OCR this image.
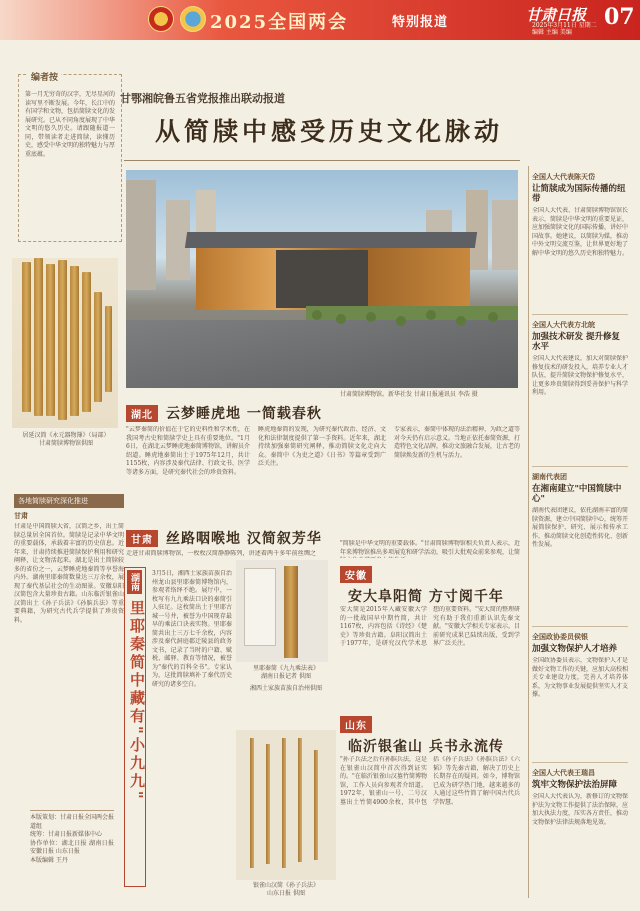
2025全国两会	特别报道	甘肃日报
2025年3月11日 星期二
编辑 主编 美编
07
第一月无穷奇的汉字，无尽星河的读写里不断发展。今年，长江中的有国学和文物，包括简牍文化的发展研究。已从不同角度展现了中华文明的悠久历史。请跟随报道一同，带领读者走进简牍，读懂历史，感受中华文明的独特魅力与厚重底蕴。
编者按
居延汉简《永元器物簿》（局部）
甘肃简牍博物馆供图
各地简牍研究深化推进
甘肃
甘肃是中国简牍大省，汉简之乡，出土简牍总量居全国首位。简牍是记录中华文明的重要载体，承载着丰富的历史信息。近年来，甘肃持续推进简牍保护利用和研究阐释，让文物活起来。湖北是出土简牍较多的省份之一，云梦睡虎地秦简等享誉海内外。湖南里耶秦简数量达三万余枚，展现了秦代基层社会的生动图景。安徽阜阳汉简包含大量珍贵古籍。山东临沂银雀山汉简出土《孙子兵法》《孙膑兵法》等重要典籍，为研究古代兵学提供了珍贵资料。
本版策划：甘肃日报全国两会报道组
统筹：甘肃日报新媒体中心
协作单位：湖北日报 湖南日报 安徽日报 山东日报
本版编辑 王丹
甘鄂湘皖鲁五省党报推出联动报道
从简牍中感受历史文化脉动
甘肃简牍博物馆。新华社发 甘肃日报通讯员 李浩 摄
湖北 云梦睡虎地 一简载春秋
"云梦秦简的价值在于它的史料性和学术性，在我国考古史和简牍学史上具有重要地位。"1月6日，在湖北云梦睡虎地秦简博物馆，讲解员介绍道。睡虎地秦简出土于1975年12月，共计1155枚，内容涉及秦代法律、行政文书、医学等诸多方面，是研究秦代社会的珍贵资料。
睡虎地秦简的发现，为研究秦代政治、经济、文化和法律制度提供了第一手资料。近年来，湖北持续加强秦简研究阐释，推动简牍文化走向大众。秦简中《为吏之道》《日书》等篇章受到广泛关注。
专家表示，秦简中体现的法治精神、为政之道等对今天仍有启示意义。当地正依托秦简资源，打造特色文化品牌，推动文旅融合发展，让古老的简牍焕发新的生机与活力。
甘肃 丝路咽喉地 汉简叙芳华
走进甘肃简牍博物馆，一枚枚汉简静静陈列，讲述着两千多年前丝绸之
"简牍是中华文明的重要载体。"甘肃简牍博物馆相关负责人表示，近年来博物馆推出多项展览和研学活动，吸引大批观众前来参观，让简
湖南
里耶秦简中藏有"小九九"
3月5日，湘西土家族苗族自治州龙山县里耶秦简博物馆内，参观者络绎不绝。展厅中，一枚写有九九乘法口诀的秦简引人驻足。这枚简出土于里耶古城一号井，被誉为中国现存最早的乘法口诀表实物。里耶秦简共出土三万七千余枚，内容涉及秦代洞庭郡迁陵县的政务文书，记录了当时的户籍、赋税、邮驿、教育等情况，被誉为"秦代的百科全书"。专家认为，这批简牍填补了秦代历史研究的诸多空白。
里耶秦简《九九乘法表》
湖南日报记者 供图
湘西土家族苗族自治州供图
银雀山汉简《孙子兵法》
山东日报 供图
安徽
安大阜阳简 方寸阅千年
安大简是2015年入藏安徽大学的一批战国早中期竹简，共计1167枚，内容包括《诗经》《楚史》等珍贵古籍。阜阳汉简出土于1977年，是研究汉代学术思想的重要资料。"安大简的整理研究有助于我们重新认识先秦文献。"安徽大学相关专家表示，目前研究成果已陆续出版，受到学界广泛关注。
山东
临沂银雀山 兵书永流传
"孙子兵法之后有孙膑兵法，这是在银雀山汉简中首次得到证实的。"在临沂银雀山汉墓竹简博物馆，工作人员向参观者介绍道。1972年，银雀山一号、二号汉墓出土竹简4900余枚，其中包括《孙子兵法》《孙膑兵法》《六韬》等先秦古籍，解决了历史上长期存在的疑问。如今，博物馆已成为研学热门地，越来越多的人通过这些竹简了解中国古代兵学智慧。
全国人大代表陈天岱
让简牍成为国际传播的纽带
全国人大代表、甘肃简牍博物馆馆长表示，简牍是中华文明的重要见证，应加强简牍文化的国际传播，讲好中国故事。她建议，以简牍为媒，推动中外文明交流互鉴，让世界更好地了解中华文明的悠久历史和独特魅力。
全国人大代表方北皖
加强技术研发 提升修复水平
全国人大代表建议，加大对简牍保护修复技术的研发投入，培养专业人才队伍，提升简牍文物保护修复水平，让更多珍贵简牍得到妥善保护与科学利用。
湖南代表团
在湘南建立"中国简牍中心"
湖南代表团建议，依托湖南丰富的简牍资源，建立中国简牍中心，统筹开展简牍保护、研究、展示和传承工作，推动简牍文化创造性转化、创新性发展。
全国政协委员侯银
加强文物保护人才培养
全国政协委员表示，文物保护人才是做好文物工作的关键，应加大高校相关专业建设力度，完善人才培养体系，为文物事业发展提供坚实人才支撑。
全国人大代表王瑞昌
筑牢文物保护法治屏障
全国人大代表认为，新修订的文物保护法为文物工作提供了法治保障，应加大执法力度，压实各方责任，推动文物保护法律法规落地见效。
